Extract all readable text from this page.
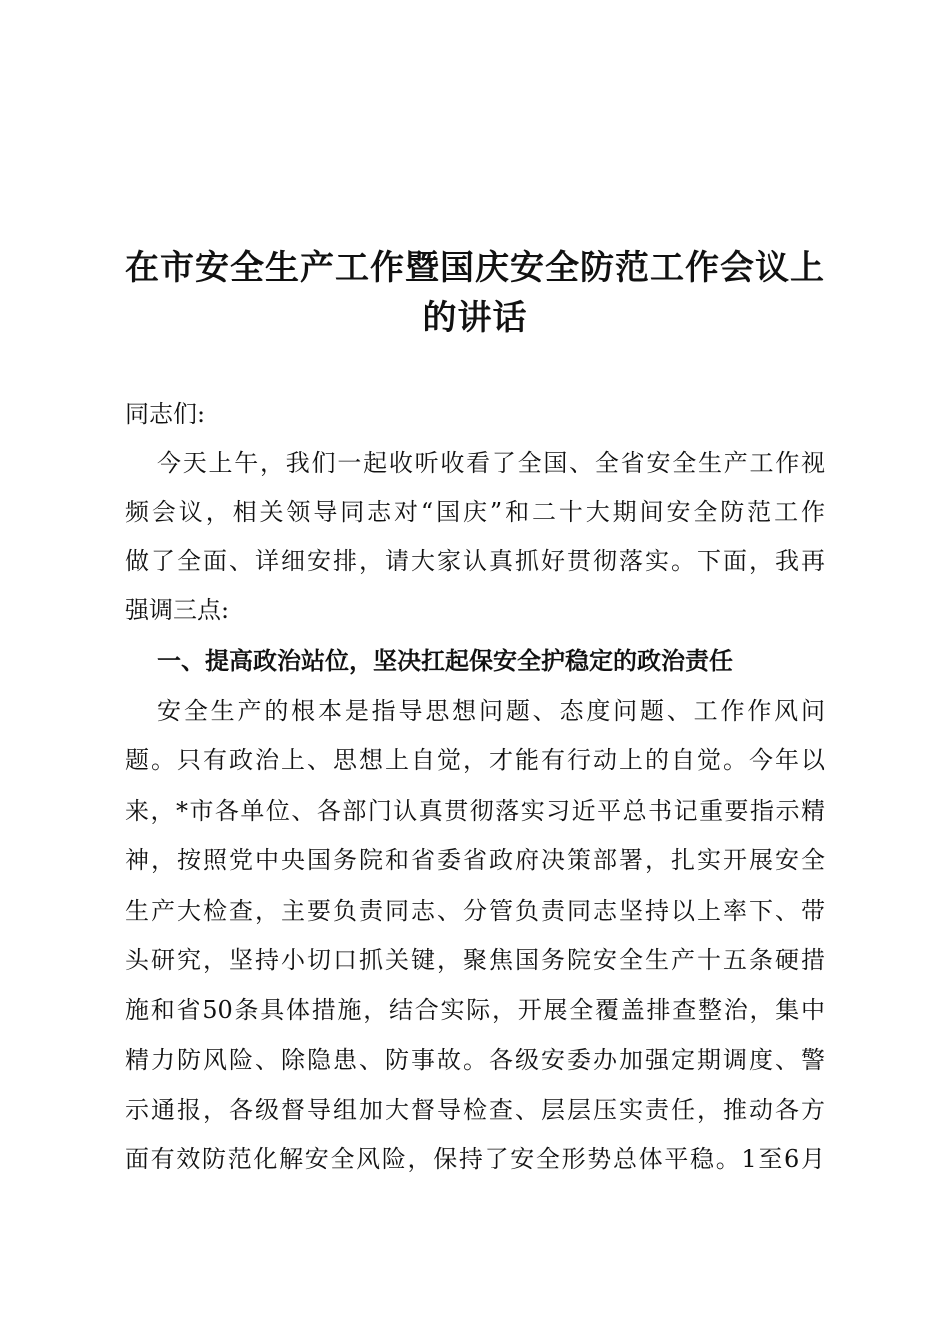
在市安全生产工作暨国庆安全防范工作会议上
的讲话

同志们:

今天上午，我们一起收听收看了全国、全省安全生产工作视

频会议，相关领导同志对“国庆”和二十大期间安全防范工作

做了全面、详细安排，请大家认真抓好贯彻落实。下面，我再

强调三点:

一、提高政治站位，坚决扛起保安全护稳定的政治责任

安全生产的根本是指导思想问题、态度问题、工作作风问

题。只有政治上、思想上自觉，才能有行动上的自觉。今年以

来，*市各单位、各部门认真贯彻落实习近平总书记重要指示精

神，按照党中央国务院和省委省政府决策部署，扎实开展安全

生产大检查，主要负责同志、分管负责同志坚持以上率下、带

头研究，坚持小切口抓关键，聚焦国务院安全生产十五条硬措

施和省50条具体措施，结合实际，开展全覆盖排查整治，集中

精力防风险、除隐患、防事故。各级安委办加强定期调度、警

示通报，各级督导组加大督导检查、层层压实责任，推动各方

面有效防范化解安全风险，保持了安全形势总体平稳。1至6月
